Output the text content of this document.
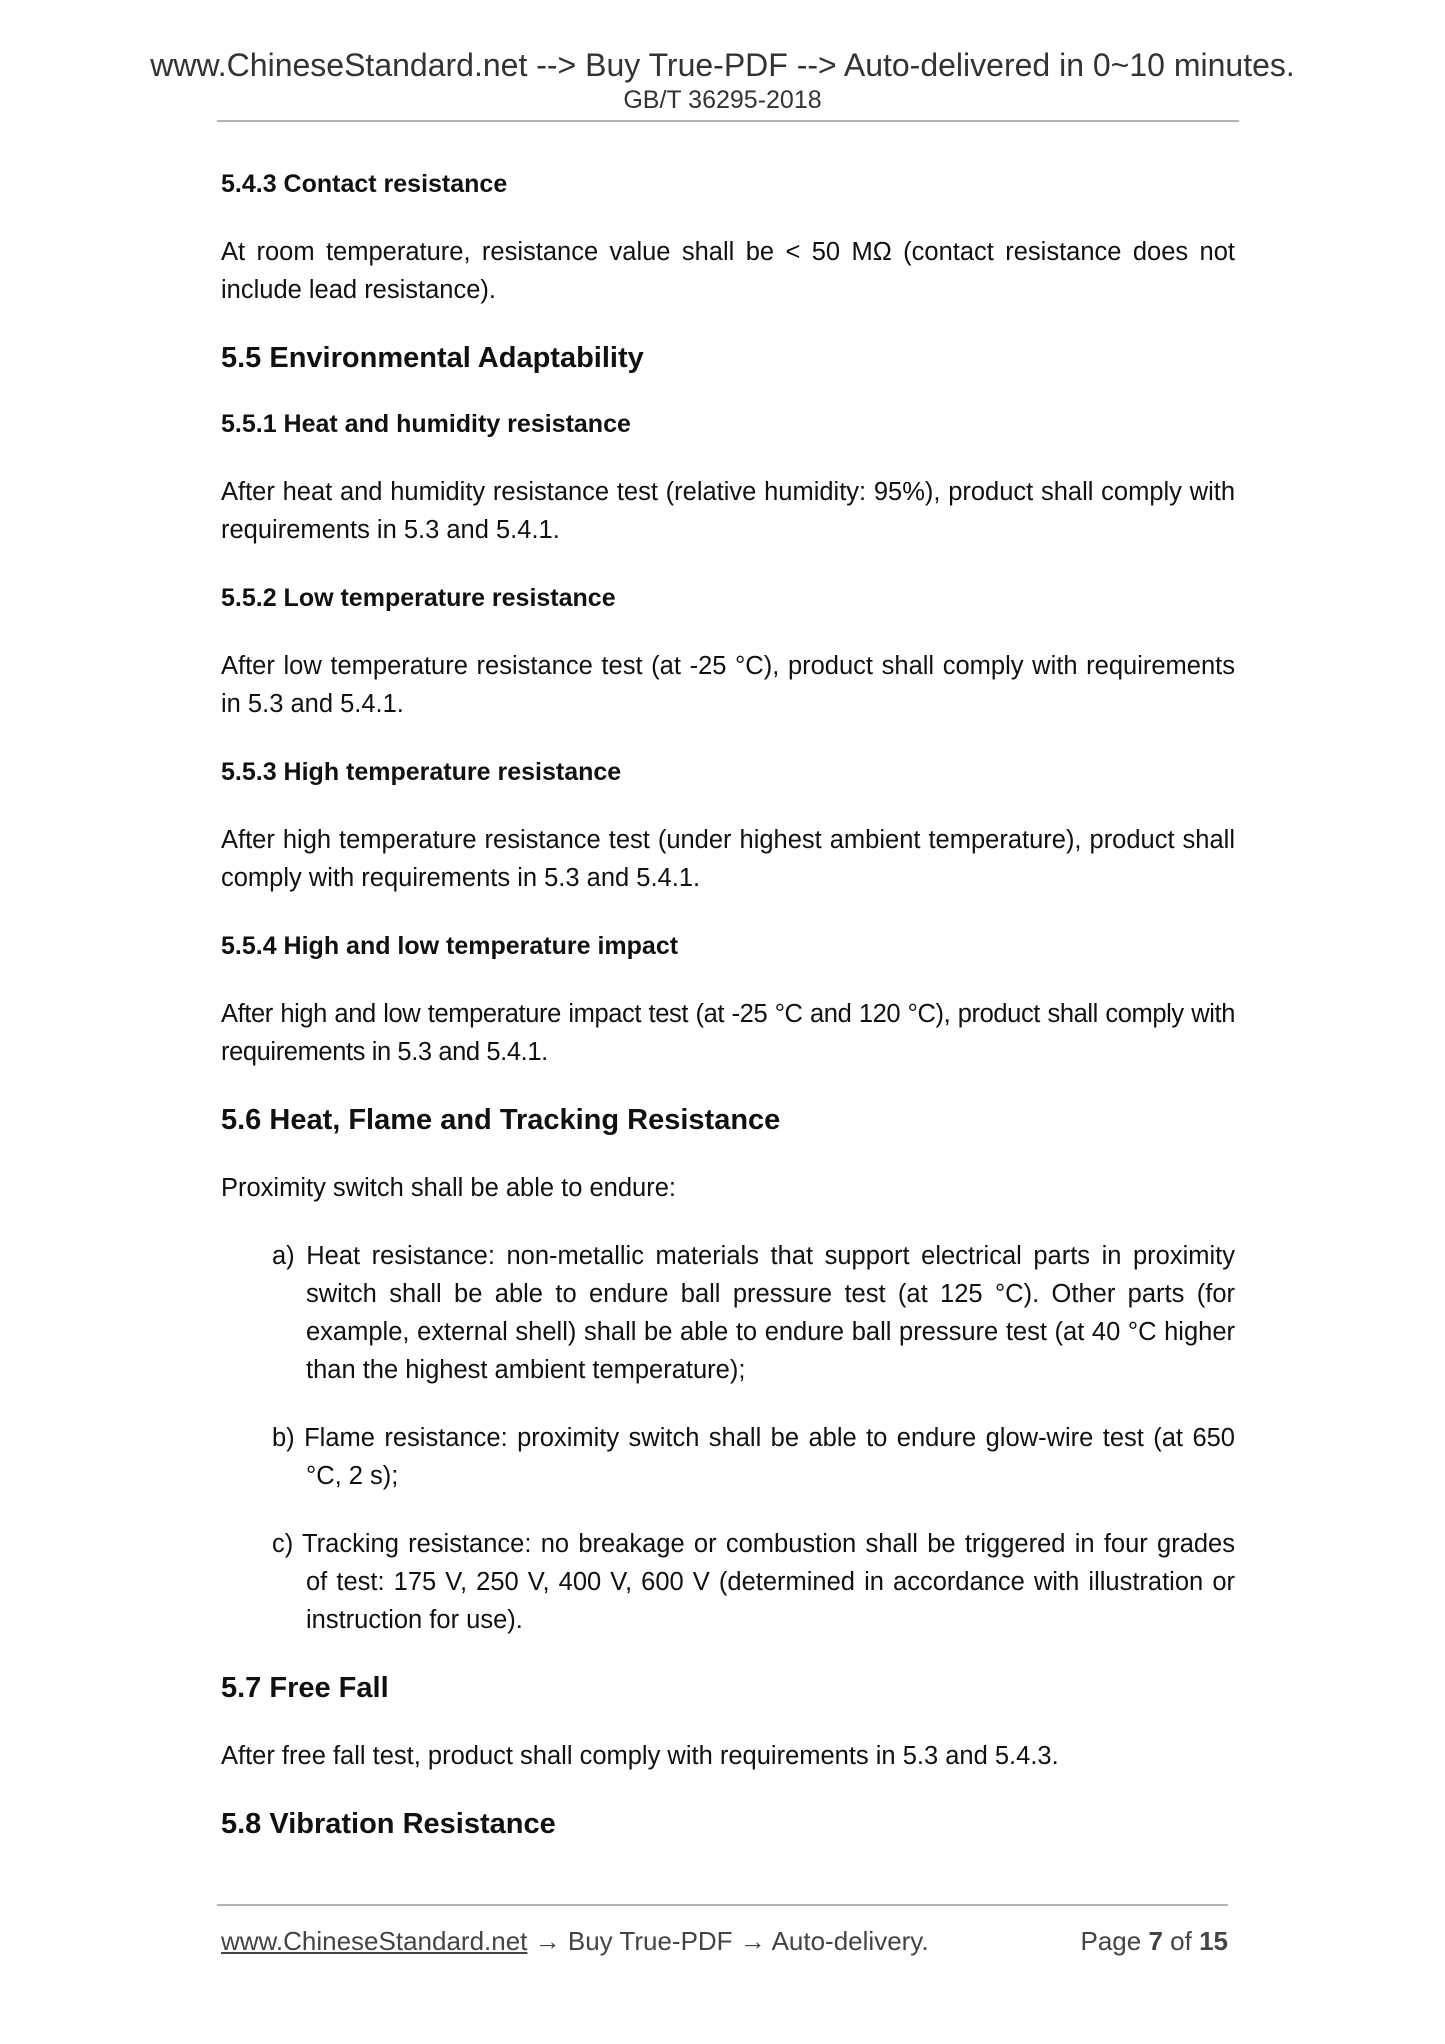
www.ChineseStandard.net --> Buy True-PDF --> Auto-delivered in 0~10 minutes.
GB/T 36295-2018
5.4.3 Contact resistance
At room temperature, resistance value shall be < 50 MΩ (contact resistance does not include lead resistance).
5.5 Environmental Adaptability
5.5.1 Heat and humidity resistance
After heat and humidity resistance test (relative humidity: 95%), product shall comply with requirements in 5.3 and 5.4.1.
5.5.2 Low temperature resistance
After low temperature resistance test (at -25 °C), product shall comply with requirements in 5.3 and 5.4.1.
5.5.3 High temperature resistance
After high temperature resistance test (under highest ambient temperature), product shall comply with requirements in 5.3 and 5.4.1.
5.5.4 High and low temperature impact
After high and low temperature impact test (at -25 °C and 120 °C), product shall comply with requirements in 5.3 and 5.4.1.
5.6 Heat, Flame and Tracking Resistance
Proximity switch shall be able to endure:
a) Heat resistance: non-metallic materials that support electrical parts in proximity switch shall be able to endure ball pressure test (at 125 °C). Other parts (for example, external shell) shall be able to endure ball pressure test (at 40 °C higher than the highest ambient temperature);
b) Flame resistance: proximity switch shall be able to endure glow-wire test (at 650 °C, 2 s);
c) Tracking resistance: no breakage or combustion shall be triggered in four grades of test: 175 V, 250 V, 400 V, 600 V (determined in accordance with illustration or instruction for use).
5.7 Free Fall
After free fall test, product shall comply with requirements in 5.3 and 5.4.3.
5.8 Vibration Resistance
www.ChineseStandard.net → Buy True-PDF → Auto-delivery.	Page 7 of 15
